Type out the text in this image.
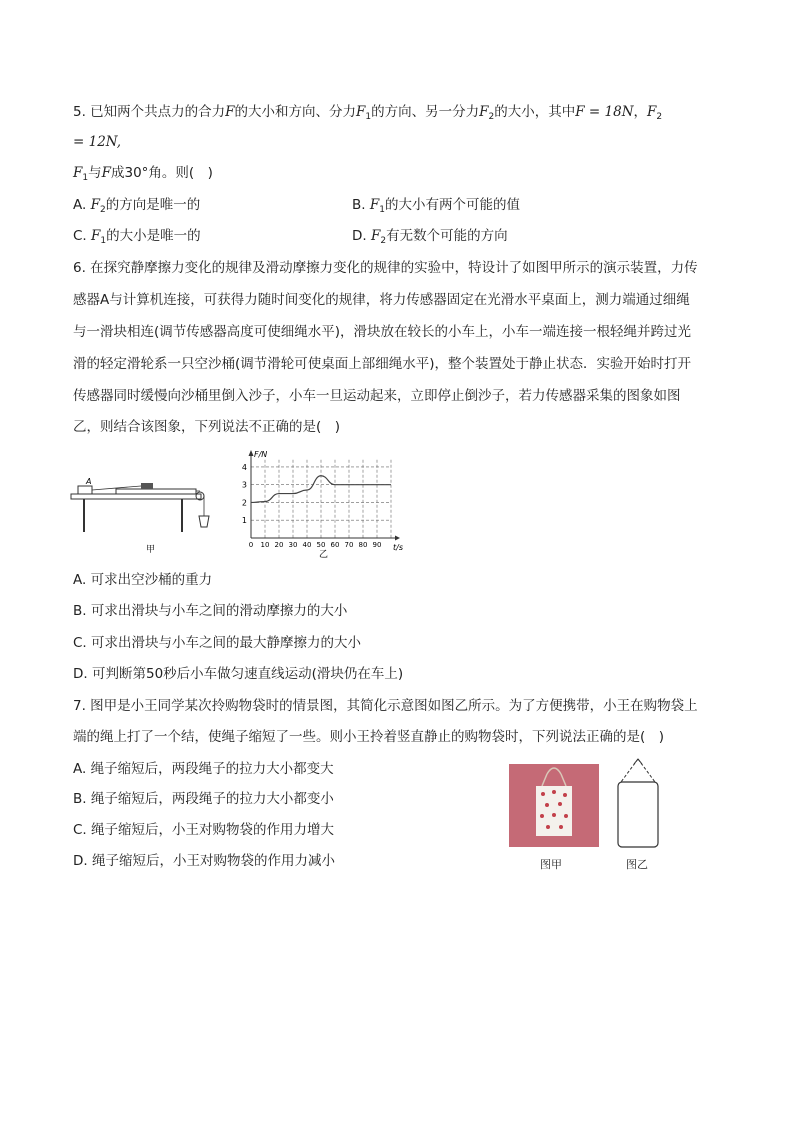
5. 已知两个共点力的合力F的大小和方向、分力$F_1$的方向、另一分力$F_2$的大小，其中F = 18N，$F_2$
= 12N,
$F_1$与F成30°角。则(　)
A. $F_2$的方向是唯一的	B. $F_1$的大小有两个可能的值
C. $F_1$的大小是唯一的	D. $F_2$有无数个可能的方向
6. 在探究静摩擦力变化的规律及滑动摩擦力变化的规律的实验中，特设计了如图甲所示的演示装置，力传
感器A与计算机连接，可获得力随时间变化的规律，将力传感器固定在光滑水平桌面上，测力端通过细绳
与一滑块相连(调节传感器高度可使细绳水平)，滑块放在较长的小车上，小车一端连接一根轻绳并跨过光
滑的轻定滑轮系一只空沙桶(调节滑轮可使桌面上部细绳水平)，整个装置处于静止状态．实验开始时打开
传感器同时缓慢向沙桶里倒入沙子，小车一旦运动起来，立即停止倒沙子，若力传感器采集的图象如图
乙，则结合该图象，下列说法不正确的是(　)
A
甲
F/N
t/s
乙
0 10 20 30 40 50 60 70 80 90
1
2
3
4
A. 可求出空沙桶的重力
B. 可求出滑块与小车之间的滑动摩擦力的大小
C. 可求出滑块与小车之间的最大静摩擦力的大小
D. 可判断第50秒后小车做匀速直线运动(滑块仍在车上)
7. 图甲是小王同学某次拎购物袋时的情景图，其简化示意图如图乙所示。为了方便携带，小王在购物袋上
端的绳上打了一个结，使绳子缩短了一些。则小王拎着竖直静止的购物袋时，下列说法正确的是(　)
A. 绳子缩短后，两段绳子的拉力大小都变大
B. 绳子缩短后，两段绳子的拉力大小都变小
C. 绳子缩短后，小王对购物袋的作用力增大
D. 绳子缩短后，小王对购物袋的作用力减小	图甲	图乙
